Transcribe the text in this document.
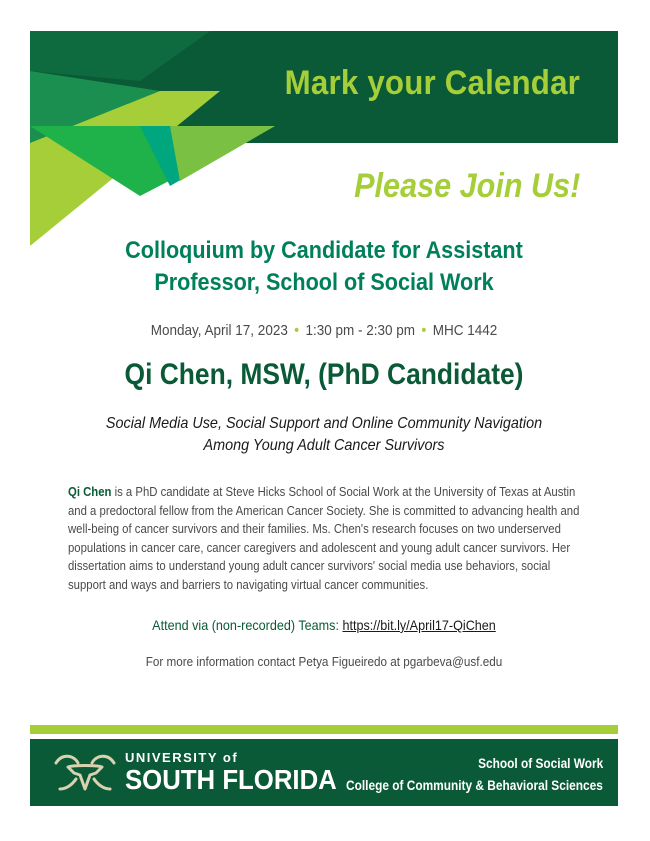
Mark your Calendar
Please Join Us!
Colloquium by Candidate for Assistant
Professor, School of Social Work
Monday, April 17, 2023 • 1:30 pm - 2:30 pm • MHC 1442
Qi Chen, MSW, (PhD Candidate)
Social Media Use, Social Support and Online Community Navigation
Among Young Adult Cancer Survivors
Qi Chen is a PhD candidate at Steve Hicks School of Social Work at the University of Texas at Austin and a predoctoral fellow from the American Cancer Society. She is committed to advancing health and well-being of cancer survivors and their families. Ms. Chen's research focuses on two underserved populations in cancer care, cancer caregivers and adolescent and young adult cancer survivors. Her dissertation aims to understand young adult cancer survivors' social media use behaviors, social support and ways and barriers to navigating virtual cancer communities.
Attend via (non-recorded) Teams: https://bit.ly/April17-QiChen
For more information contact Petya Figueiredo at pgarbeva@usf.edu
UNIVERSITY of
SOUTH FLORIDA
School of Social Work
College of Community & Behavioral Sciences
